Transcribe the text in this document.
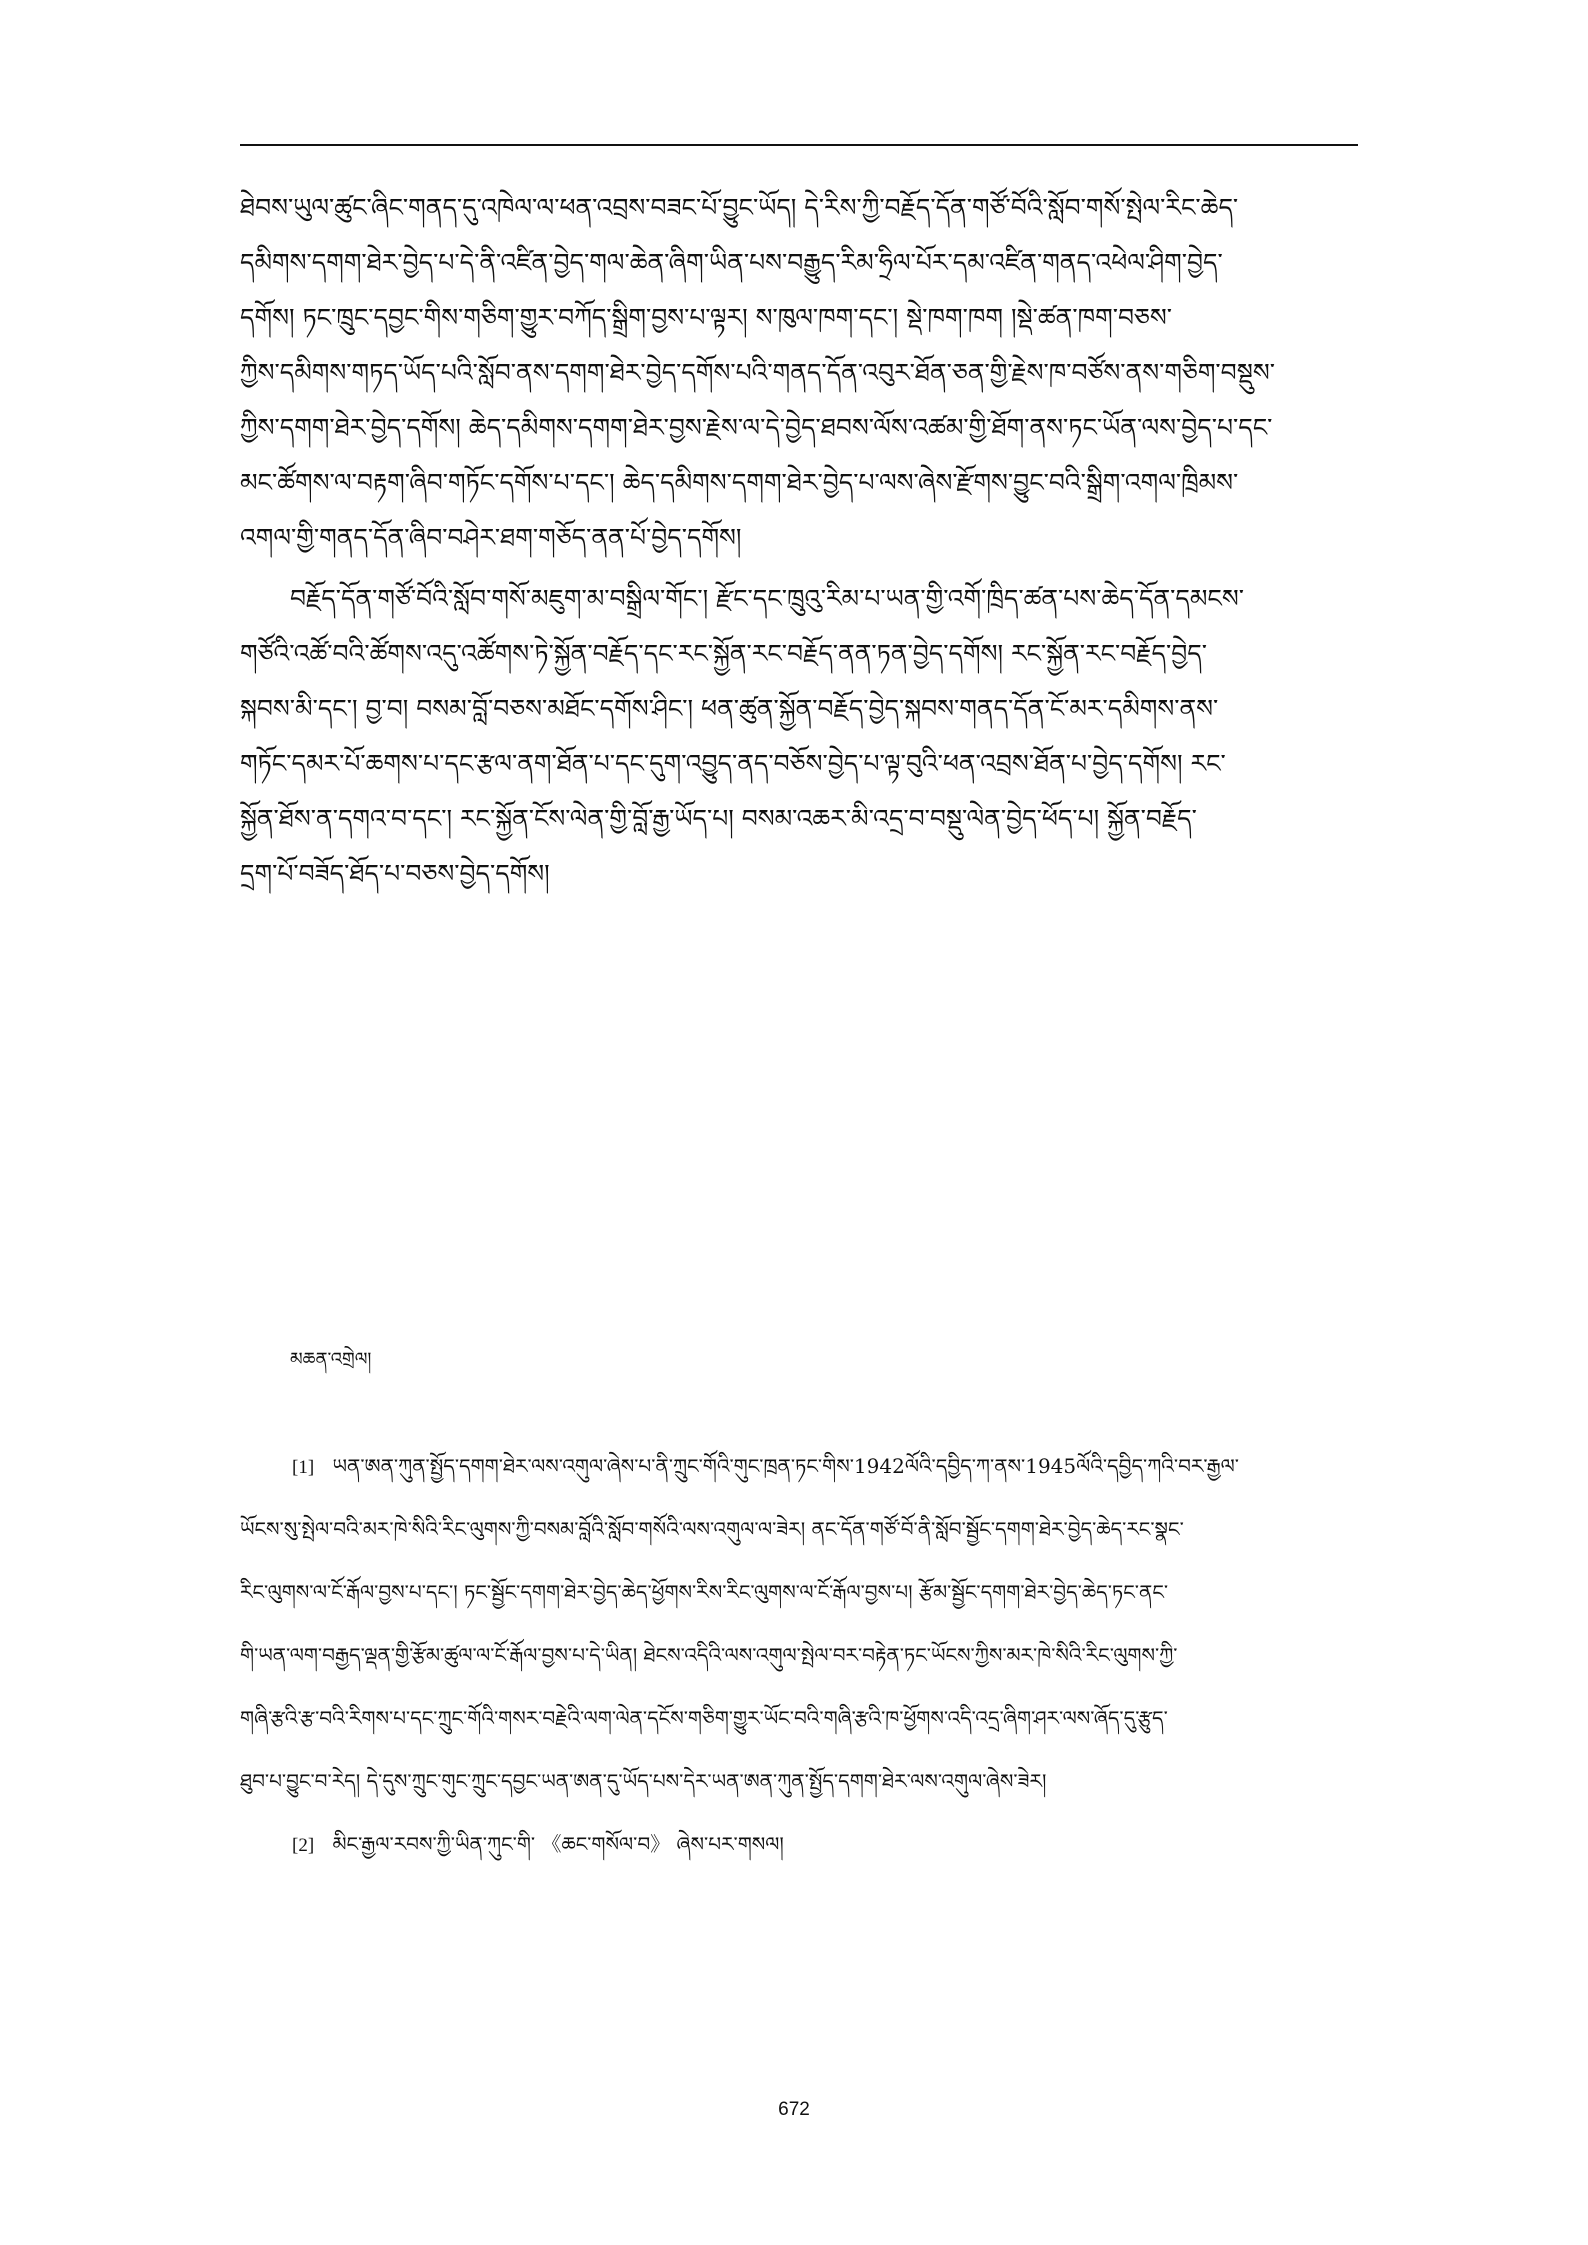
ཐེབས་ཡུལ་ཚུང་ཞིང་གནད་དུ་འཁེལ་ལ་ཕན་འབྲས་བཟང་པོ་བྱུང་ཡོད། དེ་རིས་ཀྱི་བརྗོད་དོན་གཙོ་བོའི་སློབ་གསོ་སྤེལ་རིང་ཆེད་
དམིགས་དགག་ཐེར་བྱེད་པ་དེ་ནི་འཛིན་བྱེད་གལ་ཆེན་ཞིག་ཡིན་པས་བརྒྱུད་རིམ་ཧྲིལ་པོར་དམ་འཛིན་གནད་འཕེལ་ཤིག་བྱེད་
དགོས། ཏང་ཁྲུང་དབྱང་གིས་གཅིག་གྱུར་བཀོད་སྒྲིག་བྱས་པ་ལྟར། ས་ཁུལ་ཁག་དང་། སྡེ་ཁག་ཁག །སྡེ་ཚན་ཁག་བཅས་
ཀྱིས་དམིགས་གཏད་ཡོད་པའི་སློབ་ནས་དགག་ཐེར་བྱེད་དགོས་པའི་གནད་དོན་འབུར་ཐོན་ཅན་གྱི་རྗེས་ཁ་བཙོས་ནས་གཅིག་བསྡུས་
ཀྱིས་དགག་ཐེར་བྱེད་དགོས། ཆེད་དམིགས་དགག་ཐེར་བྱས་རྗེས་ལ་དེ་བྱེད་ཐབས་ལོས་འཚམ་གྱི་ཐོག་ནས་ཏང་ཡོན་ལས་བྱེད་པ་དང་
མང་ཚོགས་ལ་བརྟག་ཞིབ་གཏོང་དགོས་པ་དང་། ཆེད་དམིགས་དགག་ཐེར་བྱེད་པ་ལས་ཞེས་རྫོགས་བྱུང་བའི་སྒྲིག་འགལ་ཁྲིམས་
འགལ་གྱི་གནད་དོན་ཞིབ་བཤེར་ཐག་གཅོད་ནན་པོ་བྱེད་དགོས།
བརྗོད་དོན་གཙོ་བོའི་སློབ་གསོ་མཇུག་མ་བསྒྲིལ་གོང་། རྫོང་དང་ཁྲུའུ་རིམ་པ་ཡན་གྱི་འགོ་ཁྲིད་ཚན་པས་ཆེད་དོན་དམངས་
གཙོའི་འཚོ་བའི་ཚོགས་འདུ་འཚོགས་ཏེ་སྐྱོན་བརྗོད་དང་རང་སྐྱོན་རང་བརྗོད་ནན་ཏན་བྱེད་དགོས། རང་སྐྱོན་རང་བརྗོད་བྱེད་
སྐབས་མི་དང་། བྱ་བ། བསམ་བློ་བཅས་མཐོང་དགོས་ཤིང་། ཕན་ཚུན་སྐྱོན་བརྗོད་བྱེད་སྐབས་གནད་དོན་ངོ་མར་དམིགས་ནས་
གཏོང་དམར་པོ་ཆགས་པ་དང་རྩལ་ནག་ཐོན་པ་དང་དུག་འབྱུད་ནད་བཅོས་བྱེད་པ་ལྟ་བུའི་ཕན་འབྲས་ཐོན་པ་བྱེད་དགོས། རང་
སྐྱོན་ཐོས་ན་དགའ་བ་དང་། རང་སྐྱོན་ངོས་ལེན་གྱི་བློ་རྒྱ་ཡོད་པ། བསམ་འཆར་མི་འདྲ་བ་བསྡུ་ལེན་བྱེད་ཕོད་པ། སྐྱོན་བརྗོད་
དྲག་པོ་བཟོད་ཐོད་པ་བཅས་བྱེད་དགོས།
མཆན་འགྲེལ།
[1] ཡན་ཨན་ཀུན་སྤྱོད་དགག་ཐེར་ལས་འགུལ་ཞེས་པ་ནི་ཀྲུང་གོའི་གུང་ཁྲན་ཏང་གིས་1942ལོའི་དབྱིད་ཀ་ནས་1945ལོའི་དབྱིད་ཀའི་བར་རྒྱལ་
ཡོངས་སུ་སྤེལ་བའི་མར་ཁེ་སིའི་རིང་ལུགས་ཀྱི་བསམ་བློའི་སློབ་གསོའི་ལས་འགུལ་ལ་ཟེར། ནང་དོན་གཙོ་བོ་ནི་སློབ་སྦྱོང་དགག་ཐེར་བྱེད་ཆེད་རང་སྣང་
རིང་ལུགས་ལ་ངོ་རྒོལ་བྱས་པ་དང་། ཏང་སྦྱོང་དགག་ཐེར་བྱེད་ཆེད་ཕྱོགས་རིས་རིང་ལུགས་ལ་ངོ་རྒོལ་བྱས་པ། རྩོམ་སྦྱོང་དགག་ཐེར་བྱེད་ཆེད་ཏང་ནང་
གི་ཡན་ལག་བརྒྱད་ལྡན་གྱི་རྩོམ་ཚུལ་ལ་ངོ་རྒོལ་བྱས་པ་དེ་ཡིན། ཐེངས་འདིའི་ལས་འགུལ་སྤེལ་བར་བརྟེན་ཏང་ཡོངས་ཀྱིས་མར་ཁེ་སིའི་རིང་ལུགས་ཀྱི་
གཞི་རྩའི་རྩ་བའི་རིགས་པ་དང་ཀྲུང་གོའི་གསར་བརྗེའི་ལག་ལེན་དངོས་གཅིག་གྱུར་ཡོང་བའི་གཞི་རྩའི་ཁ་ཕྱོགས་འདི་འདྲ་ཞིག་ཤར་ལས་ཞོད་དུ་རྩུད་
ཐུབ་པ་བྱུང་བ་རེད། དེ་དུས་ཀྲུང་གུང་ཀྲུང་དབྱང་ཡན་ཨན་དུ་ཡོད་པས་དེར་ཡན་ཨན་ཀུན་སྤྱོད་དགག་ཐེར་ལས་འགུལ་ཞེས་ཟེར།
[2] མིང་རྒྱལ་རབས་ཀྱི་ཡིན་ཀུང་གི་ 《ཆང་གསོལ་བ》 ཞེས་པར་གསལ།
672
